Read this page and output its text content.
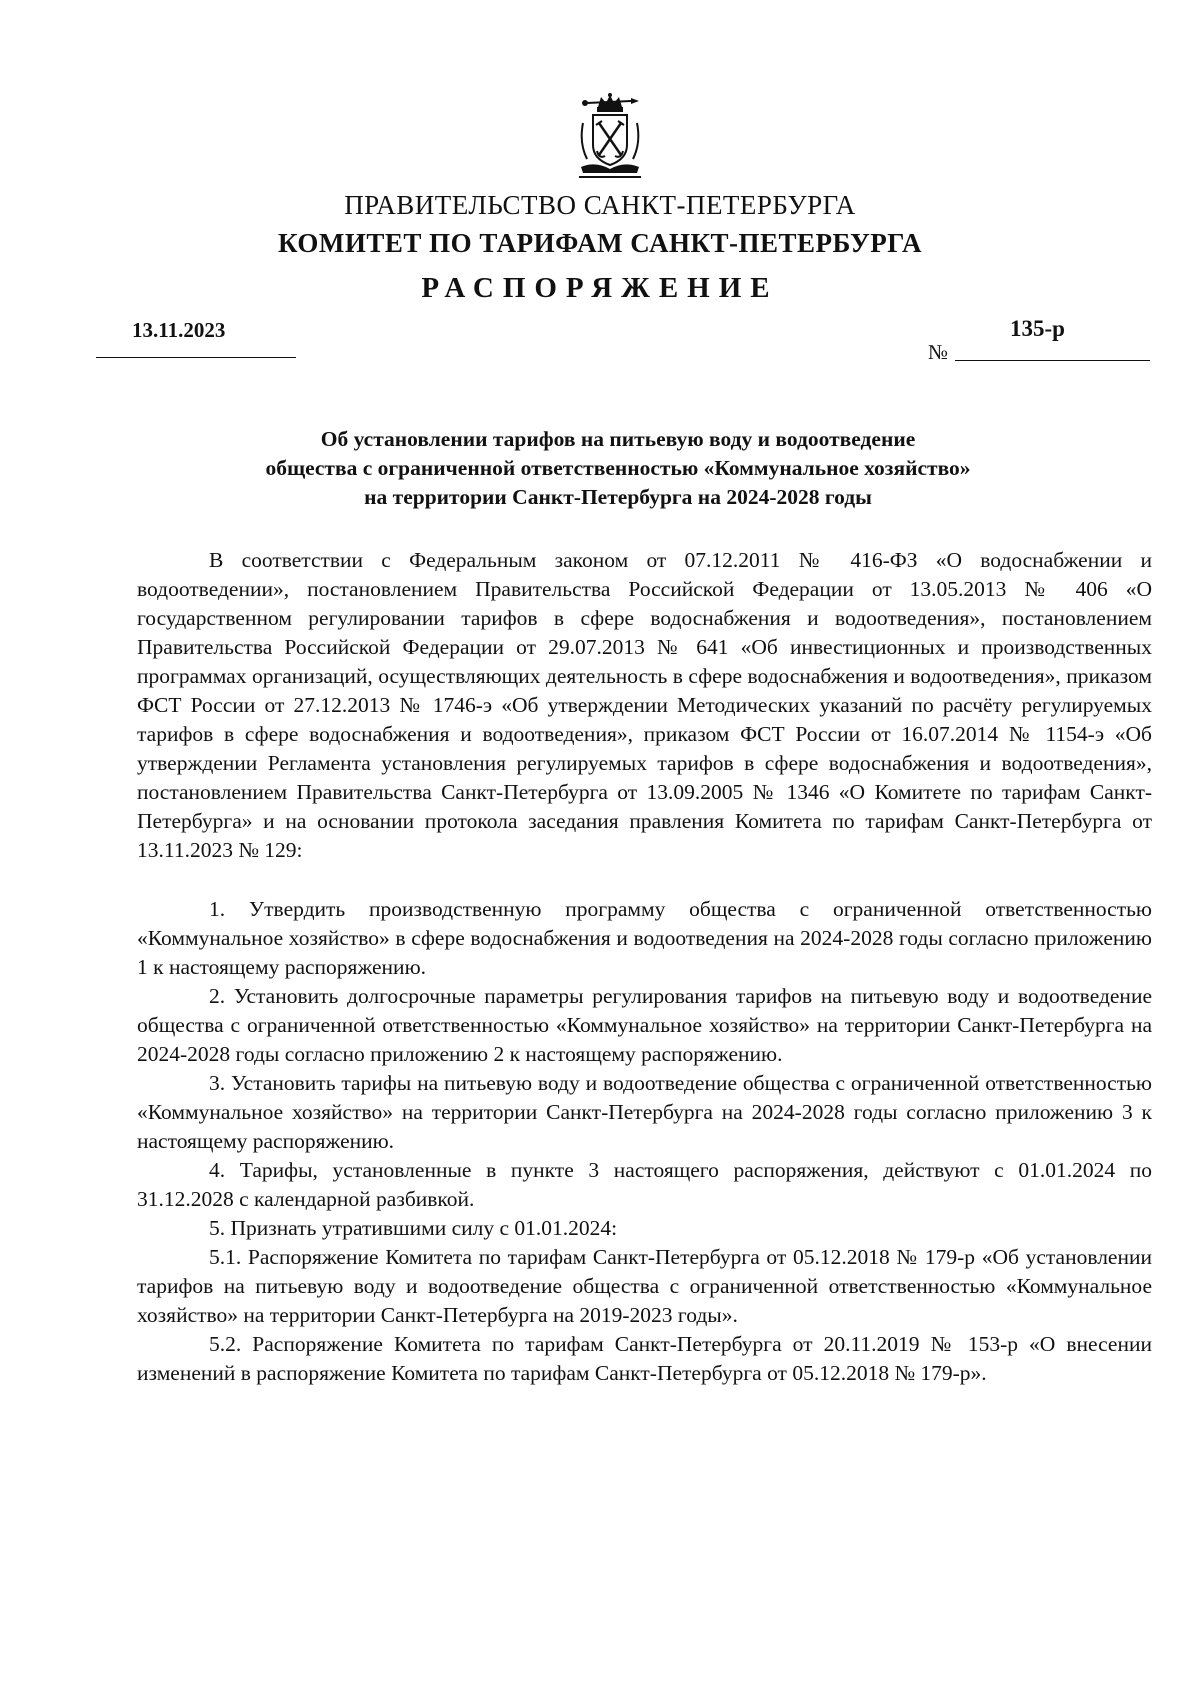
ПРАВИТЕЛЬСТВО САНКТ-ПЕТЕРБУРГА
КОМИТЕТ ПО ТАРИФАМ САНКТ-ПЕТЕРБУРГА
РАСПОРЯЖЕНИЕ
13.11.2023
№
135-р
Об установлении тарифов на питьевую воду и водоотведение
общества с ограниченной ответственностью «Коммунальное хозяйство»
на территории Санкт-Петербурга на 2024-2028 годы

В соответствии с Федеральным законом от 07.12.2011 № 416-ФЗ «О водоснабжении и водоотведении», постановлением Правительства Российской Федерации от 13.05.2013 № 406 «О государственном регулировании тарифов в сфере водоснабжения и водоотведения», постановлением Правительства Российской Федерации от 29.07.2013 № 641 «Об инвестиционных и производственных программах организаций, осуществляющих деятельность в сфере водоснабжения и водоотведения», приказом ФСТ России от 27.12.2013 № 1746-э «Об утверждении Методических указаний по расчёту регулируемых тарифов в сфере водоснабжения и водоотведения», приказом ФСТ России от 16.07.2014 № 1154-э «Об утверждении Регламента установления регулируемых тарифов в сфере водоснабжения и водоотведения», постановлением Правительства Санкт-Петербурга от 13.09.2005 № 1346 «О Комитете по тарифам Санкт-Петербурга» и на основании протокола заседания правления Комитета по тарифам Санкт-Петербурга от 13.11.2023 № 129:

1. Утвердить производственную программу общества с ограниченной ответственностью «Коммунальное хозяйство» в сфере водоснабжения и водоотведения на 2024-2028 годы согласно приложению 1 к настоящему распоряжению.

2. Установить долгосрочные параметры регулирования тарифов на питьевую воду и водоотведение общества с ограниченной ответственностью «Коммунальное хозяйство» на территории Санкт-Петербурга на 2024-2028 годы согласно приложению 2 к настоящему распоряжению.

3. Установить тарифы на питьевую воду и водоотведение общества с ограниченной ответственностью «Коммунальное хозяйство» на территории Санкт-Петербурга на 2024-2028 годы согласно приложению 3 к настоящему распоряжению.

4. Тарифы, установленные в пункте 3 настоящего распоряжения, действуют с 01.01.2024 по 31.12.2028 с календарной разбивкой.

5. Признать утратившими силу с 01.01.2024:

5.1. Распоряжение Комитета по тарифам Санкт-Петербурга от 05.12.2018 № 179-р «Об установлении тарифов на питьевую воду и водоотведение общества с ограниченной ответственностью «Коммунальное хозяйство» на территории Санкт-Петербурга на 2019-2023 годы».

5.2. Распоряжение Комитета по тарифам Санкт-Петербурга от 20.11.2019 № 153-р «О внесении изменений в распоряжение Комитета по тарифам Санкт-Петербурга от 05.12.2018 № 179-р».
